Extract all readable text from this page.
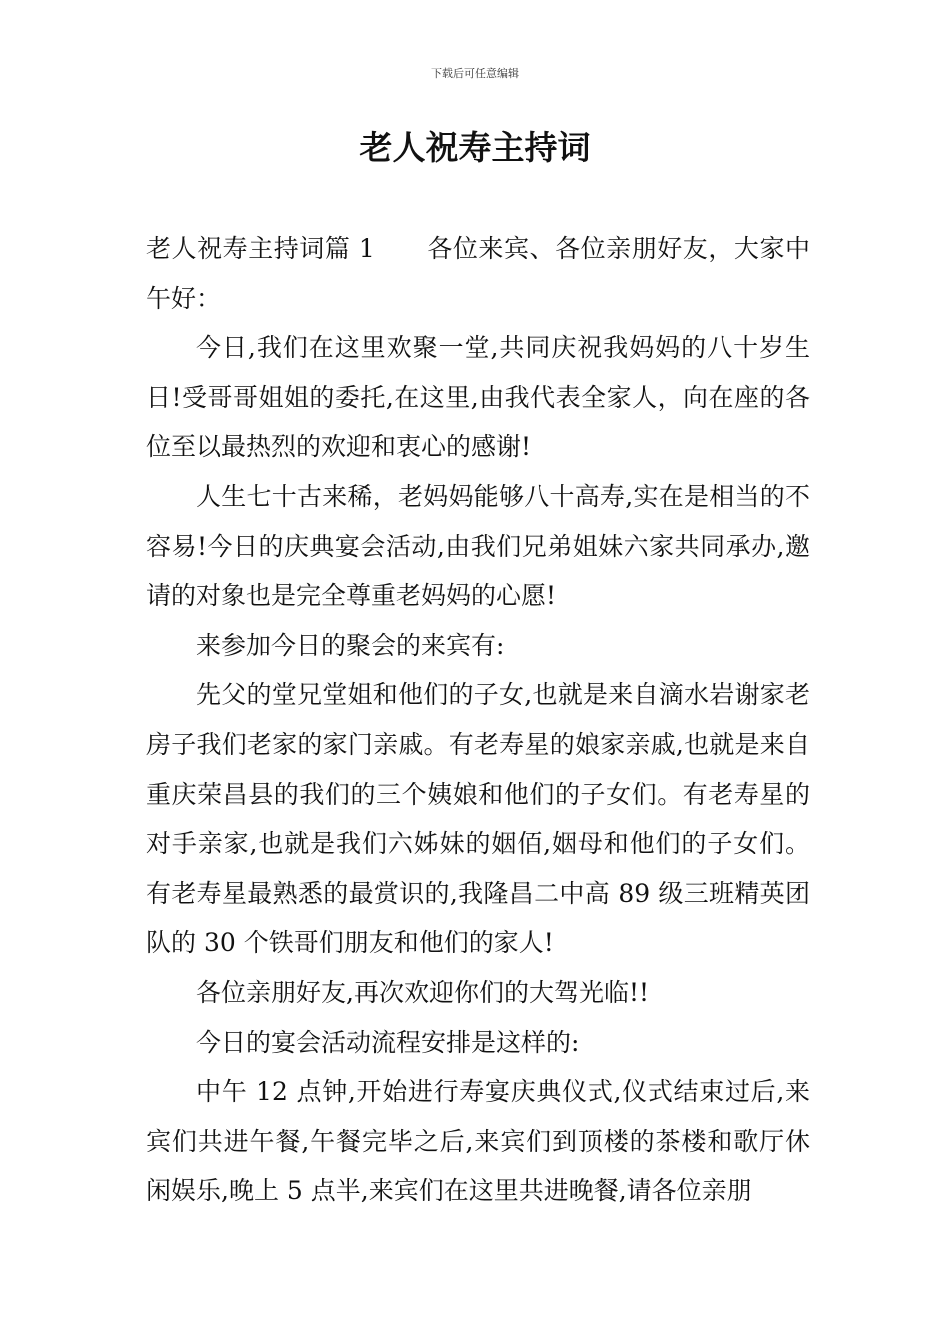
下载后可任意编辑
老人祝寿主持词

老人祝寿主持词篇 1 各位来宾、各位亲朋好友，大家中午好：

今日,我们在这里欢聚一堂,共同庆祝我妈妈的八十岁生日!受哥哥姐姐的委托,在这里,由我代表全家人，向在座的各位至以最热烈的欢迎和衷心的感谢!

人生七十古来稀，老妈妈能够八十高寿,实在是相当的不容易!今日的庆典宴会活动,由我们兄弟姐妹六家共同承办,邀请的对象也是完全尊重老妈妈的心愿!

来参加今日的聚会的来宾有:

先父的堂兄堂姐和他们的子女,也就是来自滴水岩谢家老房子我们老家的家门亲戚。有老寿星的娘家亲戚,也就是来自重庆荣昌县的我们的三个姨娘和他们的子女们。有老寿星的对手亲家,也就是我们六姊妹的姻佰,姻母和他们的子女们。有老寿星最熟悉的最赏识的,我隆昌二中高 89 级三班精英团队的 30 个铁哥们朋友和他们的家人!

各位亲朋好友,再次欢迎你们的大驾光临!!

今日的宴会活动流程安排是这样的:

中午 12 点钟,开始进行寿宴庆典仪式,仪式结束过后,来宾们共进午餐,午餐完毕之后,来宾们到顶楼的茶楼和歌厅休闲娱乐,晚上 5 点半,来宾们在这里共进晚餐,请各位亲朋
